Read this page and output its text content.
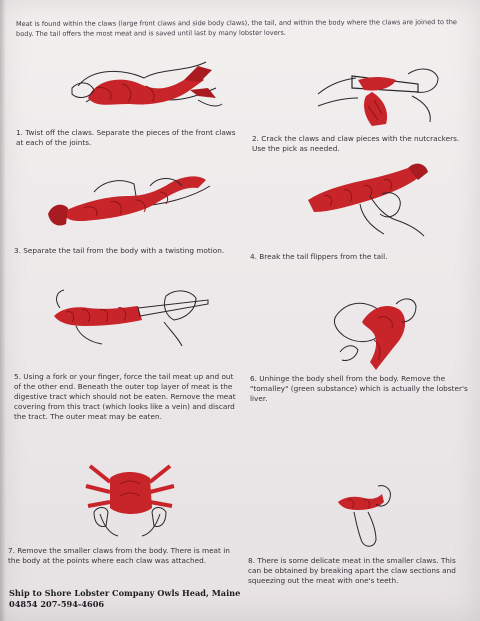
Meat is found within the claws (large front claws and side body claws), the tail, and within the body where the claws are joined to the body. The tail offers the most meat and is saved until last by many lobster lovers.

1. Twist off the claws. Separate the pieces of the front claws at each of the joints.	2. Crack the claws and claw pieces with the nutcrackers. Use the pick as needed.

3. Separate the tail from the body with a twisting motion.

4. Break the tail flippers from the tail.

5. Using a fork or your finger, force the tail meat up and out of the other end. Beneath the outer top layer of meat is the digestive tract which should not be eaten. Remove the meat covering from this tract (which looks like a vein) and discard the tract. The outer meat may be eaten.

6. Unhinge the body shell from the body. Remove the "tomalley" (green substance) which is actually the lobster's liver.

7. Remove the smaller claws from the body. There is meat in the body at the points where each claw was attached.	8. There is some delicate meat in the smaller claws. This can be obtained by breaking apart the claw sections and squeezing out the meat with one's teeth.

Ship to Shore Lobster Company Owls Head, Maine
04854 207-594-4606
